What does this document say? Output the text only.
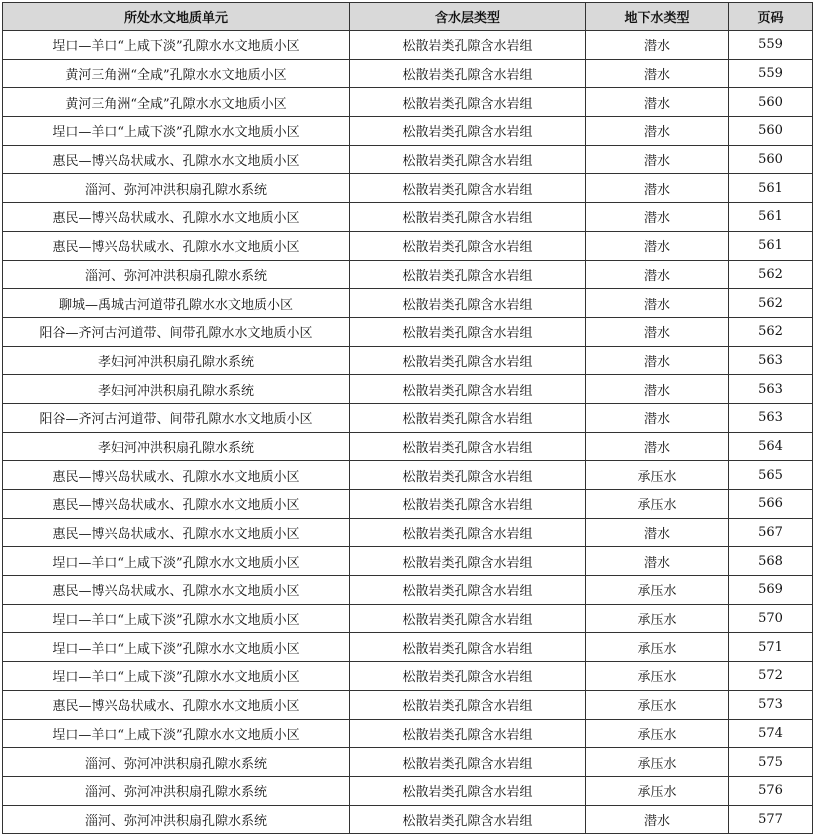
所处水文地质单元	含水层类型	地下水类型	页码
埕口—羊口“上咸下淡”孔隙水水文地质小区	松散岩类孔隙含水岩组	潜水	559
黄河三角洲“全咸”孔隙水水文地质小区	松散岩类孔隙含水岩组	潜水	559
黄河三角洲“全咸”孔隙水水文地质小区	松散岩类孔隙含水岩组	潜水	560
埕口—羊口“上咸下淡”孔隙水水文地质小区	松散岩类孔隙含水岩组	潜水	560
惠民—博兴岛状咸水、孔隙水水文地质小区	松散岩类孔隙含水岩组	潜水	560
淄河、弥河冲洪积扇孔隙水系统	松散岩类孔隙含水岩组	潜水	561
惠民—博兴岛状咸水、孔隙水水文地质小区	松散岩类孔隙含水岩组	潜水	561
惠民—博兴岛状咸水、孔隙水水文地质小区	松散岩类孔隙含水岩组	潜水	561
淄河、弥河冲洪积扇孔隙水系统	松散岩类孔隙含水岩组	潜水	562
聊城—禹城古河道带孔隙水水文地质小区	松散岩类孔隙含水岩组	潜水	562
阳谷—齐河古河道带、间带孔隙水水文地质小区	松散岩类孔隙含水岩组	潜水	562
孝妇河冲洪积扇孔隙水系统	松散岩类孔隙含水岩组	潜水	563
孝妇河冲洪积扇孔隙水系统	松散岩类孔隙含水岩组	潜水	563
阳谷—齐河古河道带、间带孔隙水水文地质小区	松散岩类孔隙含水岩组	潜水	563
孝妇河冲洪积扇孔隙水系统	松散岩类孔隙含水岩组	潜水	564
惠民—博兴岛状咸水、孔隙水水文地质小区	松散岩类孔隙含水岩组	承压水	565
惠民—博兴岛状咸水、孔隙水水文地质小区	松散岩类孔隙含水岩组	承压水	566
惠民—博兴岛状咸水、孔隙水水文地质小区	松散岩类孔隙含水岩组	潜水	567
埕口—羊口“上咸下淡”孔隙水水文地质小区	松散岩类孔隙含水岩组	潜水	568
惠民—博兴岛状咸水、孔隙水水文地质小区	松散岩类孔隙含水岩组	承压水	569
埕口—羊口“上咸下淡”孔隙水水文地质小区	松散岩类孔隙含水岩组	承压水	570
埕口—羊口“上咸下淡”孔隙水水文地质小区	松散岩类孔隙含水岩组	承压水	571
埕口—羊口“上咸下淡”孔隙水水文地质小区	松散岩类孔隙含水岩组	承压水	572
惠民—博兴岛状咸水、孔隙水水文地质小区	松散岩类孔隙含水岩组	承压水	573
埕口—羊口“上咸下淡”孔隙水水文地质小区	松散岩类孔隙含水岩组	承压水	574
淄河、弥河冲洪积扇孔隙水系统	松散岩类孔隙含水岩组	承压水	575
淄河、弥河冲洪积扇孔隙水系统	松散岩类孔隙含水岩组	承压水	576
淄河、弥河冲洪积扇孔隙水系统	松散岩类孔隙含水岩组	潜水	577
